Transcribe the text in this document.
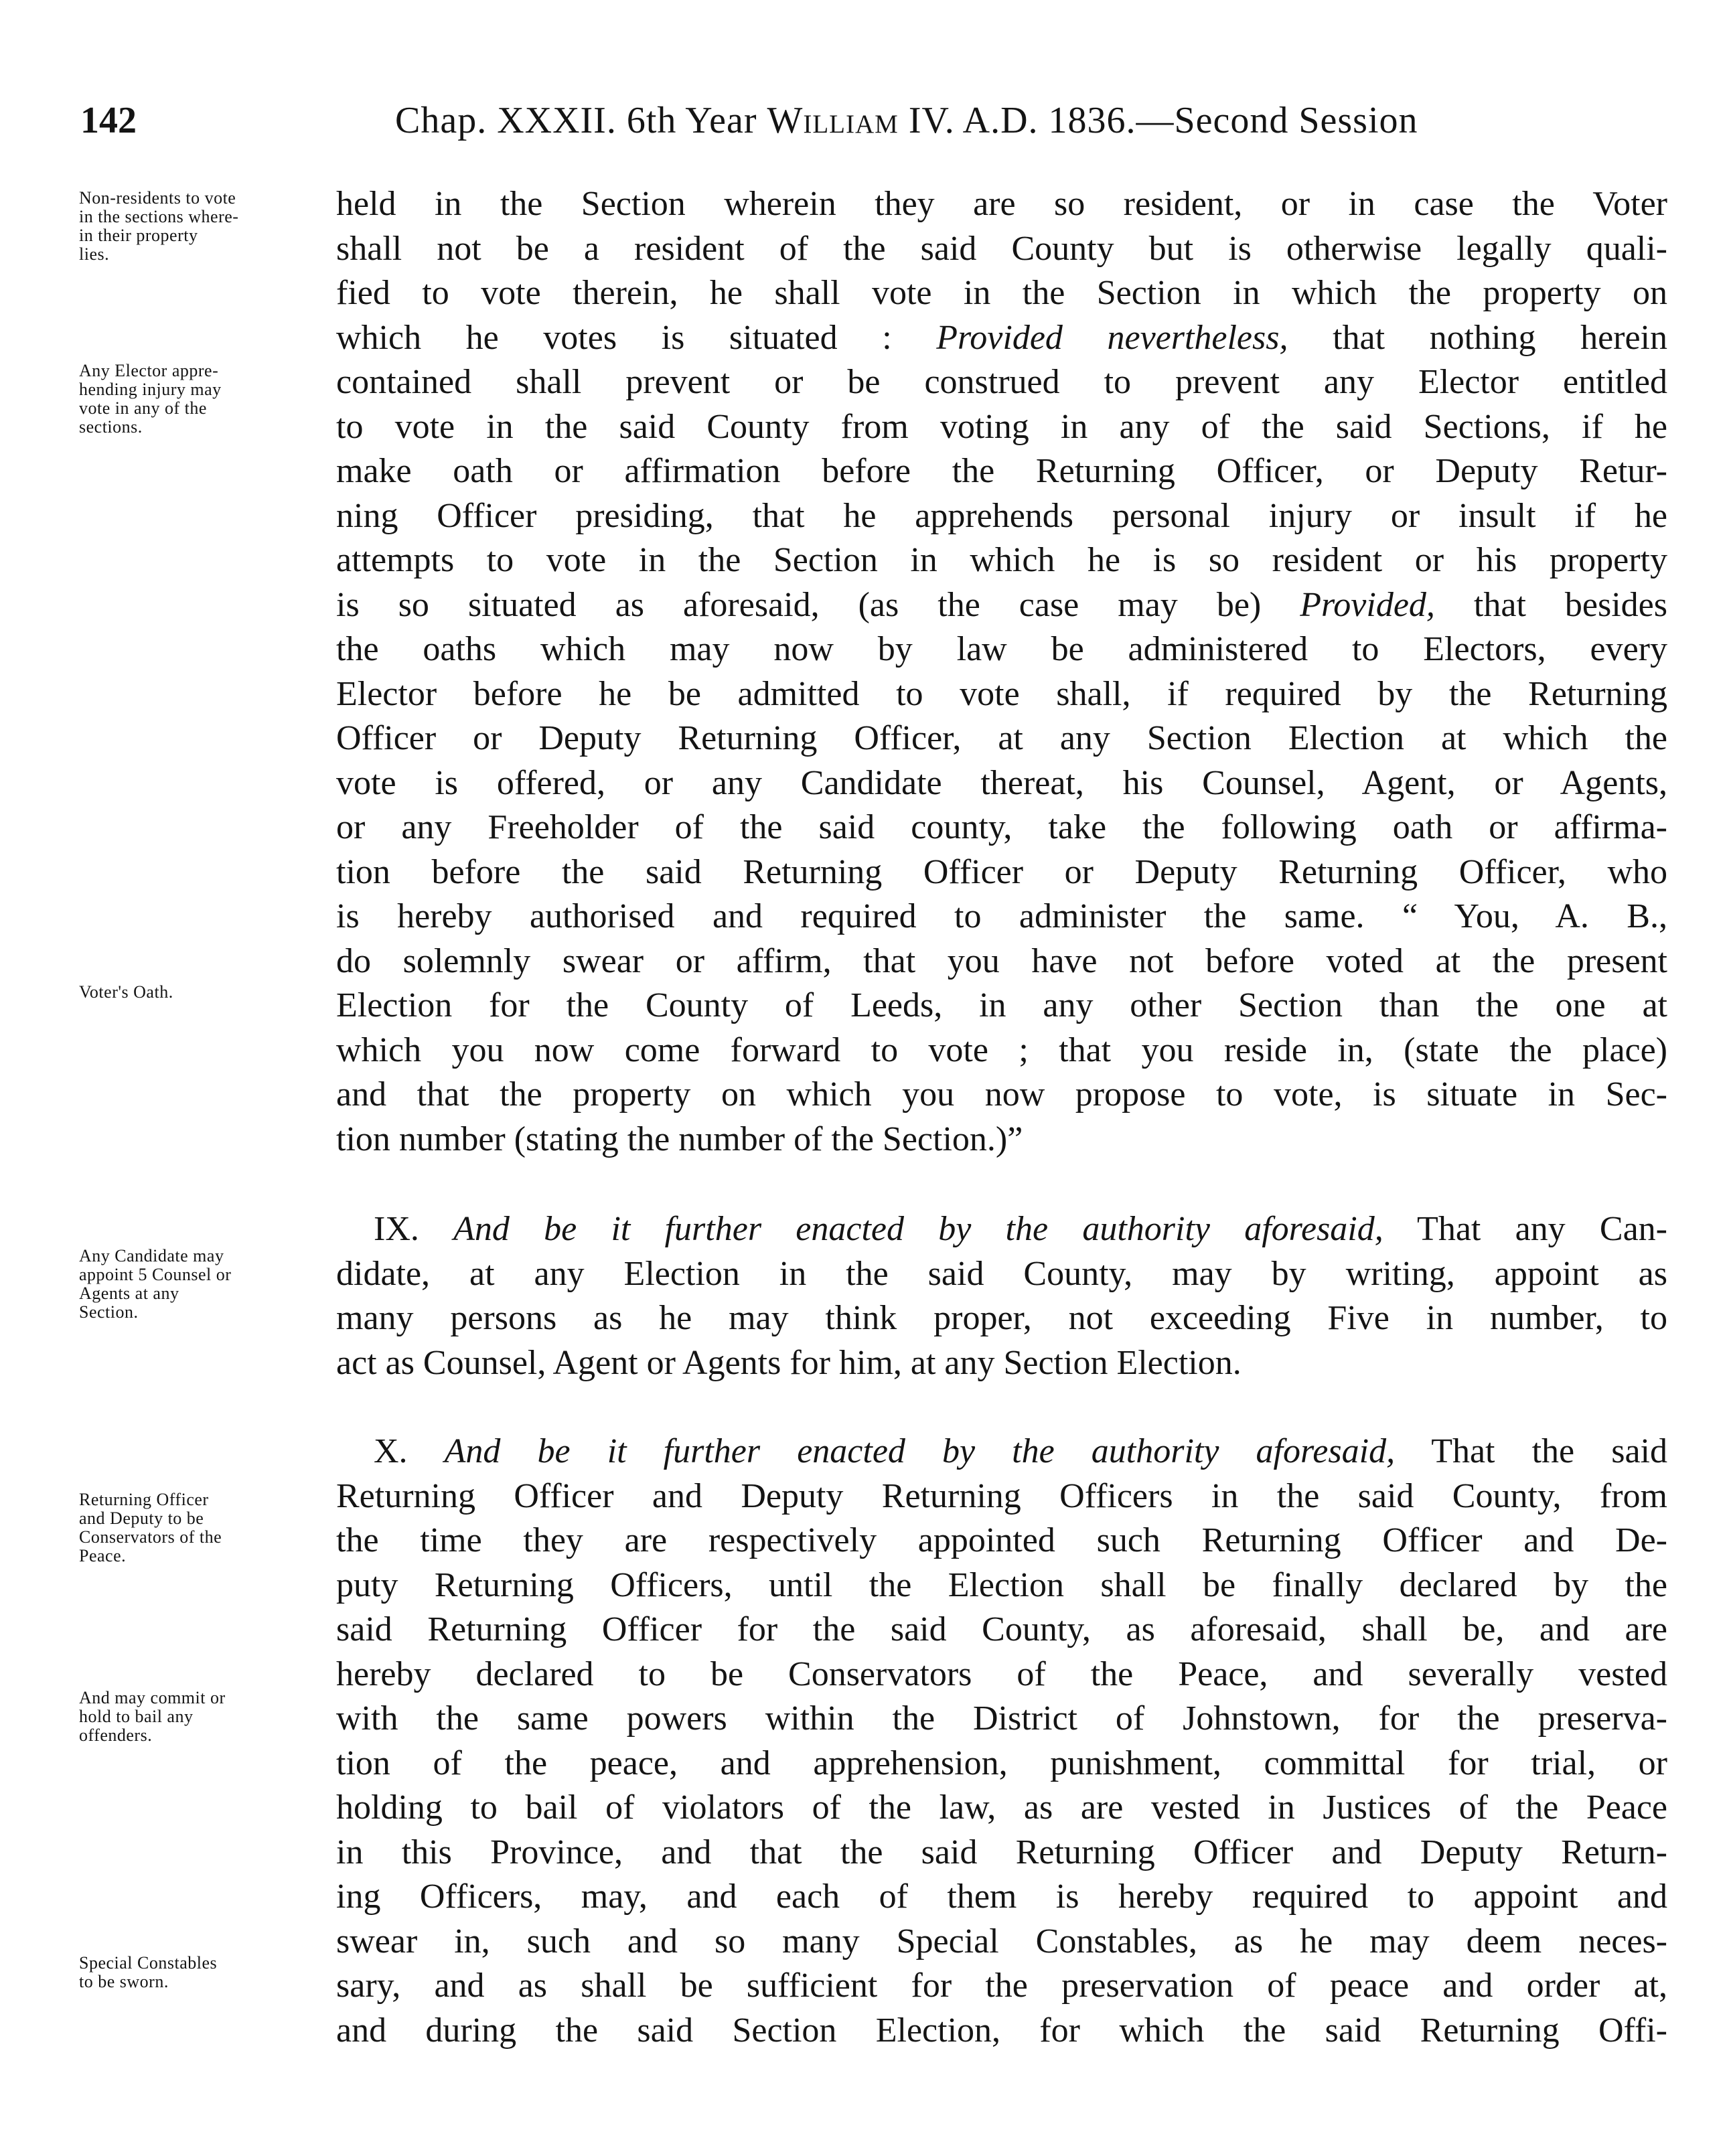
142	Chap. XXXII. 6th Year William IV. A.D. 1836.—Second Session
Non-residents to vote
in the sections where-
in their property
lies.
Any Elector appre-
hending injury may
vote in any of the
sections.
Voter's Oath.
Any Candidate may
appoint 5 Counsel or
Agents at any
Section.
Returning Officer
and Deputy to be
Conservators of the
Peace.
And may commit or
hold to bail any
offenders.
Special Constables
to be sworn.
held in the Section wherein they are so resident, or in case the Voter
shall not be a resident of the said County but is otherwise legally quali-
fied to vote therein, he shall vote in the Section in which the property on
which he votes is situated : Provided nevertheless, that nothing herein
contained shall prevent or be construed to prevent any Elector entitled
to vote in the said County from voting in any of the said Sections, if he
make oath or affirmation before the Returning Officer, or Deputy Retur-
ning Officer presiding, that he apprehends personal injury or insult if he
attempts to vote in the Section in which he is so resident or his property
is so situated as aforesaid, (as the case may be) Provided, that besides
the oaths which may now by law be administered to Electors, every
Elector before he be admitted to vote shall, if required by the Returning
Officer or Deputy Returning Officer, at any Section Election at which the
vote is offered, or any Candidate thereat, his Counsel, Agent, or Agents,
or any Freeholder of the said county, take the following oath or affirma-
tion before the said Returning Officer or Deputy Returning Officer, who
is hereby authorised and required to administer the same. “ You, A. B.,
do solemnly swear or affirm, that you have not before voted at the present
Election for the County of Leeds, in any other Section than the one at
which you now come forward to vote ; that you reside in, (state the place)
and that the property on which you now propose to vote, is situate in Sec-
tion number (stating the number of the Section.)”
IX. And be it further enacted by the authority aforesaid, That any Can-
didate, at any Election in the said County, may by writing, appoint as
many persons as he may think proper, not exceeding Five in number, to
act as Counsel, Agent or Agents for him, at any Section Election.
X. And be it further enacted by the authority aforesaid, That the said
Returning Officer and Deputy Returning Officers in the said County, from
the time they are respectively appointed such Returning Officer and De-
puty Returning Officers, until the Election shall be finally declared by the
said Returning Officer for the said County, as aforesaid, shall be, and are
hereby declared to be Conservators of the Peace, and severally vested
with the same powers within the District of Johnstown, for the preserva-
tion of the peace, and apprehension, punishment, committal for trial, or
holding to bail of violators of the law, as are vested in Justices of the Peace
in this Province, and that the said Returning Officer and Deputy Return-
ing Officers, may, and each of them is hereby required to appoint and
swear in, such and so many Special Constables, as he may deem neces-
sary, and as shall be sufficient for the preservation of peace and order at,
and during the said Section Election, for which the said Returning Offi-
